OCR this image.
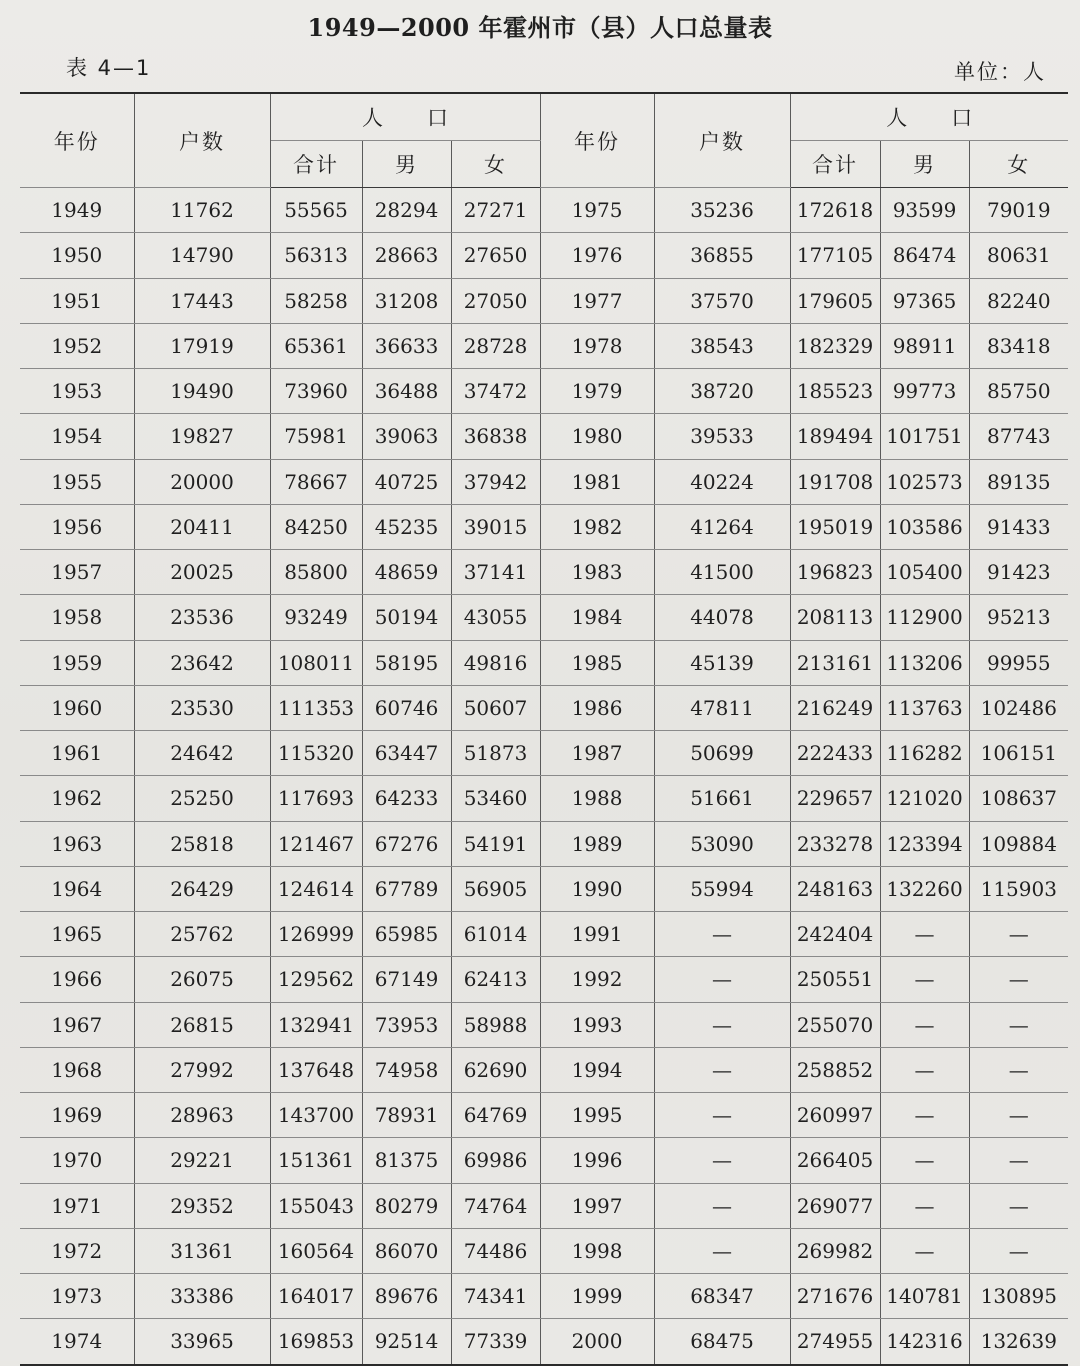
1949—2000 年霍州市（县）人口总量表
表 4—1	单位：人
年份	户数	人口			年份	户数	人口		
		合计	男	女			合计	男	女
1949	11762	55565	28294	27271	1975	35236	172618	93599	79019
1950	14790	56313	28663	27650	1976	36855	177105	86474	80631
1951	17443	58258	31208	27050	1977	37570	179605	97365	82240
1952	17919	65361	36633	28728	1978	38543	182329	98911	83418
1953	19490	73960	36488	37472	1979	38720	185523	99773	85750
1954	19827	75981	39063	36838	1980	39533	189494	101751	87743
1955	20000	78667	40725	37942	1981	40224	191708	102573	89135
1956	20411	84250	45235	39015	1982	41264	195019	103586	91433
1957	20025	85800	48659	37141	1983	41500	196823	105400	91423
1958	23536	93249	50194	43055	1984	44078	208113	112900	95213
1959	23642	108011	58195	49816	1985	45139	213161	113206	99955
1960	23530	111353	60746	50607	1986	47811	216249	113763	102486
1961	24642	115320	63447	51873	1987	50699	222433	116282	106151
1962	25250	117693	64233	53460	1988	51661	229657	121020	108637
1963	25818	121467	67276	54191	1989	53090	233278	123394	109884
1964	26429	124614	67789	56905	1990	55994	248163	132260	115903
1965	25762	126999	65985	61014	1991	—	242404	—	—
1966	26075	129562	67149	62413	1992	—	250551	—	—
1967	26815	132941	73953	58988	1993	—	255070	—	—
1968	27992	137648	74958	62690	1994	—	258852	—	—
1969	28963	143700	78931	64769	1995	—	260997	—	—
1970	29221	151361	81375	69986	1996	—	266405	—	—
1971	29352	155043	80279	74764	1997	—	269077	—	—
1972	31361	160564	86070	74486	1998	—	269982	—	—
1973	33386	164017	89676	74341	1999	68347	271676	140781	130895
1974	33965	169853	92514	77339	2000	68475	274955	142316	132639
